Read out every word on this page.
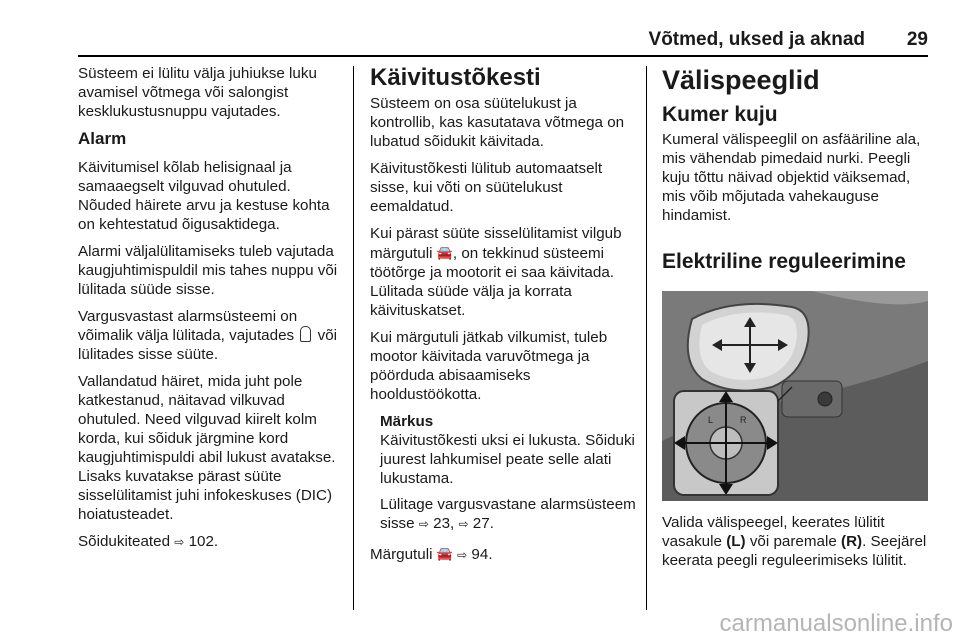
Võtmed, uksed ja aknad	29

Süsteem ei lülitu välja juhiukse luku avamisel võtmega või salongist kesklukustusnuppu vajutades.

Alarm

Käivitumisel kõlab helisignaal ja samaaegselt vilguvad ohutuled. Nõuded häirete arvu ja kestuse kohta on kehtestatud õigusaktidega.

Alarmi väljalülitamiseks tuleb vajutada kaugjuhtimispuldil mis tahes nuppu või lülitada süüde sisse.

Vargusvastast alarmsüsteemi on võimalik välja lülitada, vajutades või lülitades sisse süüte.

Vallandatud häiret, mida juht pole katkestanud, näitavad vilkuvad ohutuled. Need vilguvad kiirelt kolm korda, kui sõiduk järgmine kord kaugjuhtimispuldi abil lukust avatakse. Lisaks kuvatakse pärast süüte sisselülitamist juhi infokeskuses (DIC) hoiatusteadet.

Sõidukiteated ⇨ 102.

Käivitustõkesti

Süsteem on osa süütelukust ja kontrollib, kas kasutatava võtmega on lubatud sõidukit käivitada.

Käivitustõkesti lülitub automaatselt sisse, kui võti on süütelukust eemaldatud.

Kui pärast süüte sisselülitamist vilgub märgutuli 🚘, on tekkinud süsteemi töötõrge ja mootorit ei saa käivitada. Lülitada süüde välja ja korrata käivituskatset.

Kui märgutuli jätkab vilkumist, tuleb mootor käivitada varuvõtmega ja pöörduda abisaamiseks hooldustöökotta.

Märkus

Käivitustõkesti uksi ei lukusta. Sõiduki juurest lahkumisel peate selle alati lukustama.

Lülitage vargusvastane alarmsüsteem sisse ⇨ 23, ⇨ 27.

Märgutuli 🚘 ⇨ 94.

Välispeeglid
Kumer kuju

Kumeral välispeeglil on asfääriline ala, mis vähendab pimedaid nurki. Peegli kuju tõttu näivad objektid väiksemad, mis võib mõjutada vahekauguse hindamist.

Elektriline reguleerimine
L	R

Valida välispeegel, keerates lülitit vasakule (L) või paremale (R). Seejärel keerata peegli reguleerimiseks lülitit.

carmanualsonline.info
